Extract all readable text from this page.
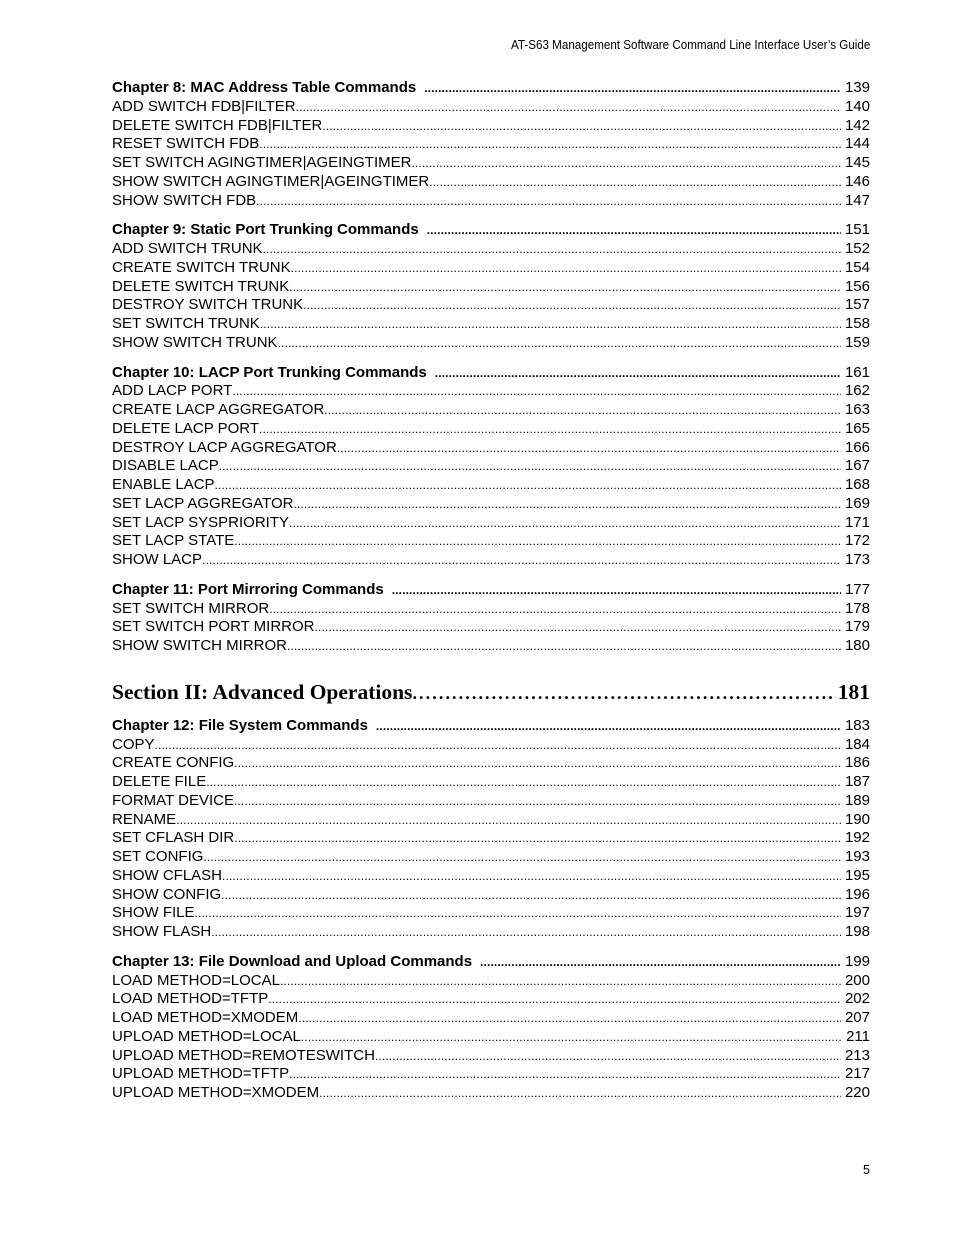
AT-S63 Management Software Command Line Interface User’s Guide
Chapter 8: MAC Address Table Commands . . .	139
ADD SWITCH FDB|FILTER . . .	140
DELETE SWITCH FDB|FILTER . . .	142
RESET SWITCH FDB . . .	144
SET SWITCH AGINGTIMER|AGEINGTIMER . . .	145
SHOW SWITCH AGINGTIMER|AGEINGTIMER . . .	146
SHOW SWITCH FDB . . .	147
Chapter 9: Static Port Trunking Commands . . .	151
ADD SWITCH TRUNK . . .	152
CREATE SWITCH TRUNK . . .	154
DELETE SWITCH TRUNK . . .	156
DESTROY SWITCH TRUNK . . .	157
SET SWITCH TRUNK . . .	158
SHOW SWITCH TRUNK . . .	159
Chapter 10: LACP Port Trunking Commands . . .	161
ADD LACP PORT . . .	162
CREATE LACP AGGREGATOR . . .	163
DELETE LACP PORT . . .	165
DESTROY LACP AGGREGATOR . . .	166
DISABLE LACP . . .	167
ENABLE LACP . . .	168
SET LACP AGGREGATOR . . .	169
SET LACP SYSPRIORITY . . .	171
SET LACP STATE . . .	172
SHOW LACP . . .	173
Chapter 11: Port Mirroring Commands . . .	177
SET SWITCH MIRROR . . .	178
SET SWITCH PORT MIRROR . . .	179
SHOW SWITCH MIRROR . . .	180
Section II: Advanced Operations . . .	181
Chapter 12: File System Commands . . .	183
COPY . . .	184
CREATE CONFIG . . .	186
DELETE FILE . . .	187
FORMAT DEVICE . . .	189
RENAME . . .	190
SET CFLASH DIR . . .	192
SET CONFIG . . .	193
SHOW CFLASH . . .	195
SHOW CONFIG . . .	196
SHOW FILE . . .	197
SHOW FLASH . . .	198
Chapter 13: File Download and Upload Commands . . .	199
LOAD METHOD=LOCAL . . .	200
LOAD METHOD=TFTP . . .	202
LOAD METHOD=XMODEM . . .	207
UPLOAD METHOD=LOCAL . . .	211
UPLOAD METHOD=REMOTESWITCH . . .	213
UPLOAD METHOD=TFTP . . .	217
UPLOAD METHOD=XMODEM . . .	220
5
